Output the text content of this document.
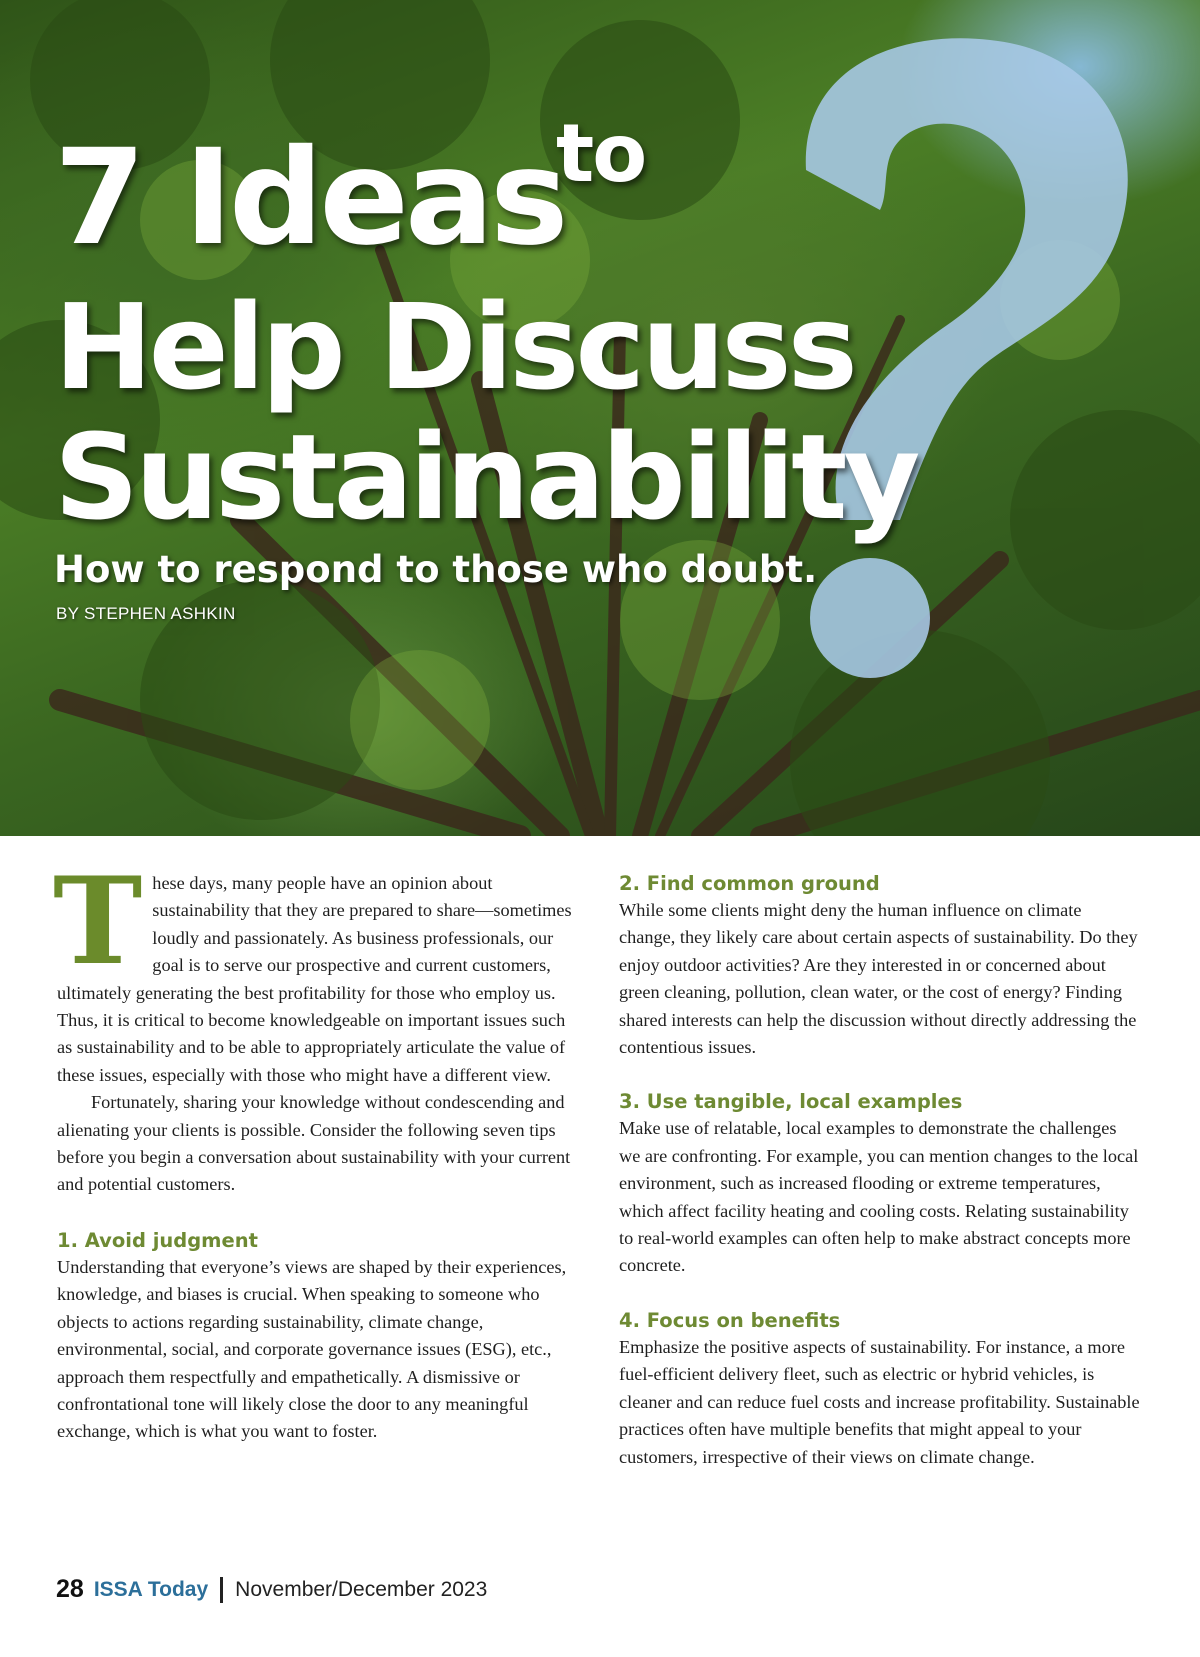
7 Ideas
to
Help Discuss
Sustainability

How to respond to those who doubt.

BY STEPHEN ASHKIN

These days, many people have an opinion about sustainability that they are prepared to share—sometimes loudly and passionately. As business professionals, our goal is to serve our prospective and current customers, ultimately generating the best profitability for those who employ us. Thus, it is critical to become knowledgeable on important issues such as sustainability and to be able to appropriately articulate the value of these issues, especially with those who might have a different view.

Fortunately, sharing your knowledge without condescending and alienating your clients is possible. Consider the following seven tips before you begin a conversation about sustainability with your current and potential customers.

1. Avoid judgment

Understanding that everyone’s views are shaped by their experiences, knowledge, and biases is crucial. When speaking to someone who objects to actions regarding sustainability, climate change, environmental, social, and corporate governance issues (ESG), etc., approach them respectfully and empathetically. A dismissive or confrontational tone will likely close the door to any meaningful exchange, which is what you want to foster.

2. Find common ground

While some clients might deny the human influence on climate change, they likely care about certain aspects of sustainability. Do they enjoy outdoor activities? Are they interested in or concerned about green cleaning, pollution, clean water, or the cost of energy? Finding shared interests can help the discussion without directly addressing the contentious issues.

3. Use tangible, local examples

Make use of relatable, local examples to demonstrate the challenges we are confronting. For example, you can mention changes to the local environment, such as increased flooding or extreme temperatures, which affect facility heating and cooling costs. Relating sustainability to real-world examples can often help to make abstract concepts more concrete.

4. Focus on benefits

Emphasize the positive aspects of sustainability. For instance, a more fuel-efficient delivery fleet, such as electric or hybrid vehicles, is cleaner and can reduce fuel costs and increase profitability. Sustainable practices often have multiple benefits that might appeal to your customers, irrespective of their views on climate change.

28 ISSA Today November/December 2023
